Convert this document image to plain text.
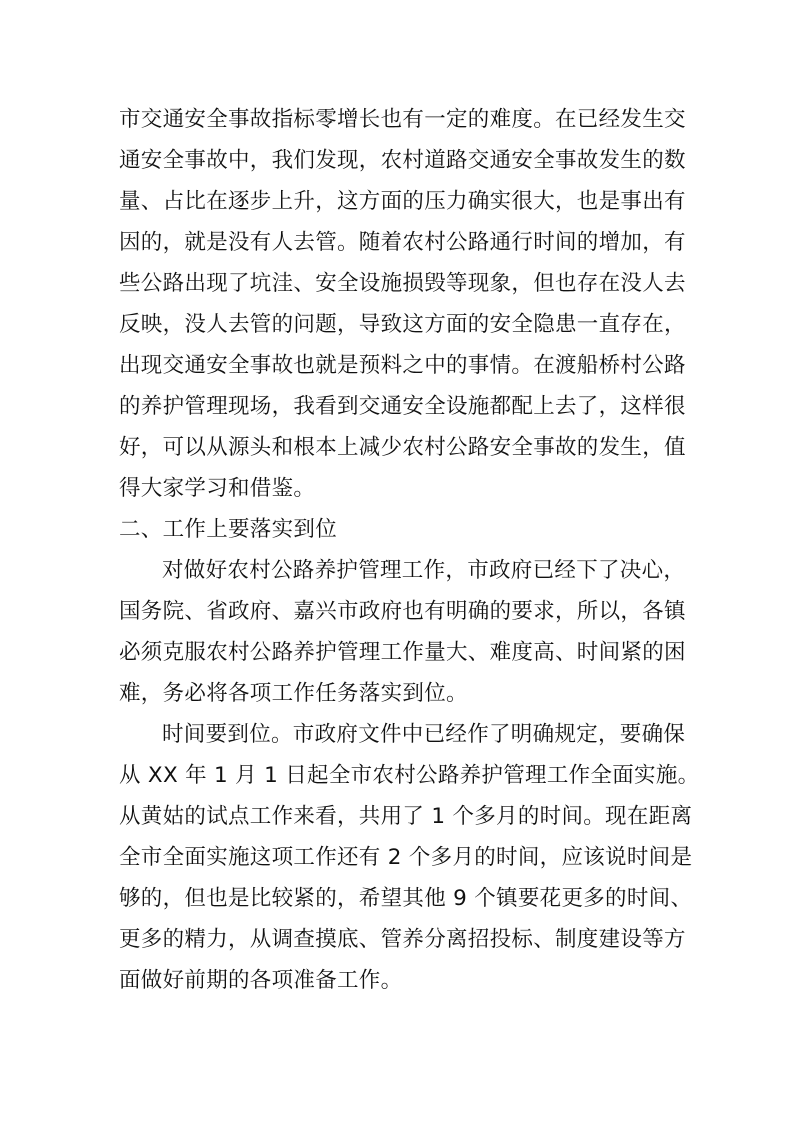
市交通安全事故指标零增长也有一定的难度。在已经发生交
通安全事故中，我们发现，农村道路交通安全事故发生的数
量、占比在逐步上升，这方面的压力确实很大，也是事出有
因的，就是没有人去管。随着农村公路通行时间的增加，有
些公路出现了坑洼、安全设施损毁等现象，但也存在没人去
反映，没人去管的问题，导致这方面的安全隐患一直存在，
出现交通安全事故也就是预料之中的事情。在渡船桥村公路
的养护管理现场，我看到交通安全设施都配上去了，这样很
好，可以从源头和根本上减少农村公路安全事故的发生，值
得大家学习和借鉴。
二、工作上要落实到位
对做好农村公路养护管理工作，市政府已经下了决心，
国务院、省政府、嘉兴市政府也有明确的要求，所以，各镇
必须克服农村公路养护管理工作量大、难度高、时间紧的困
难，务必将各项工作任务落实到位。
时间要到位。市政府文件中已经作了明确规定，要确保
从 XX 年 1 月 1 日起全市农村公路养护管理工作全面实施。
从黄姑的试点工作来看，共用了 1 个多月的时间。现在距离
全市全面实施这项工作还有 2 个多月的时间，应该说时间是
够的，但也是比较紧的，希望其他 9 个镇要花更多的时间、
更多的精力，从调查摸底、管养分离招投标、制度建设等方
面做好前期的各项准备工作。
